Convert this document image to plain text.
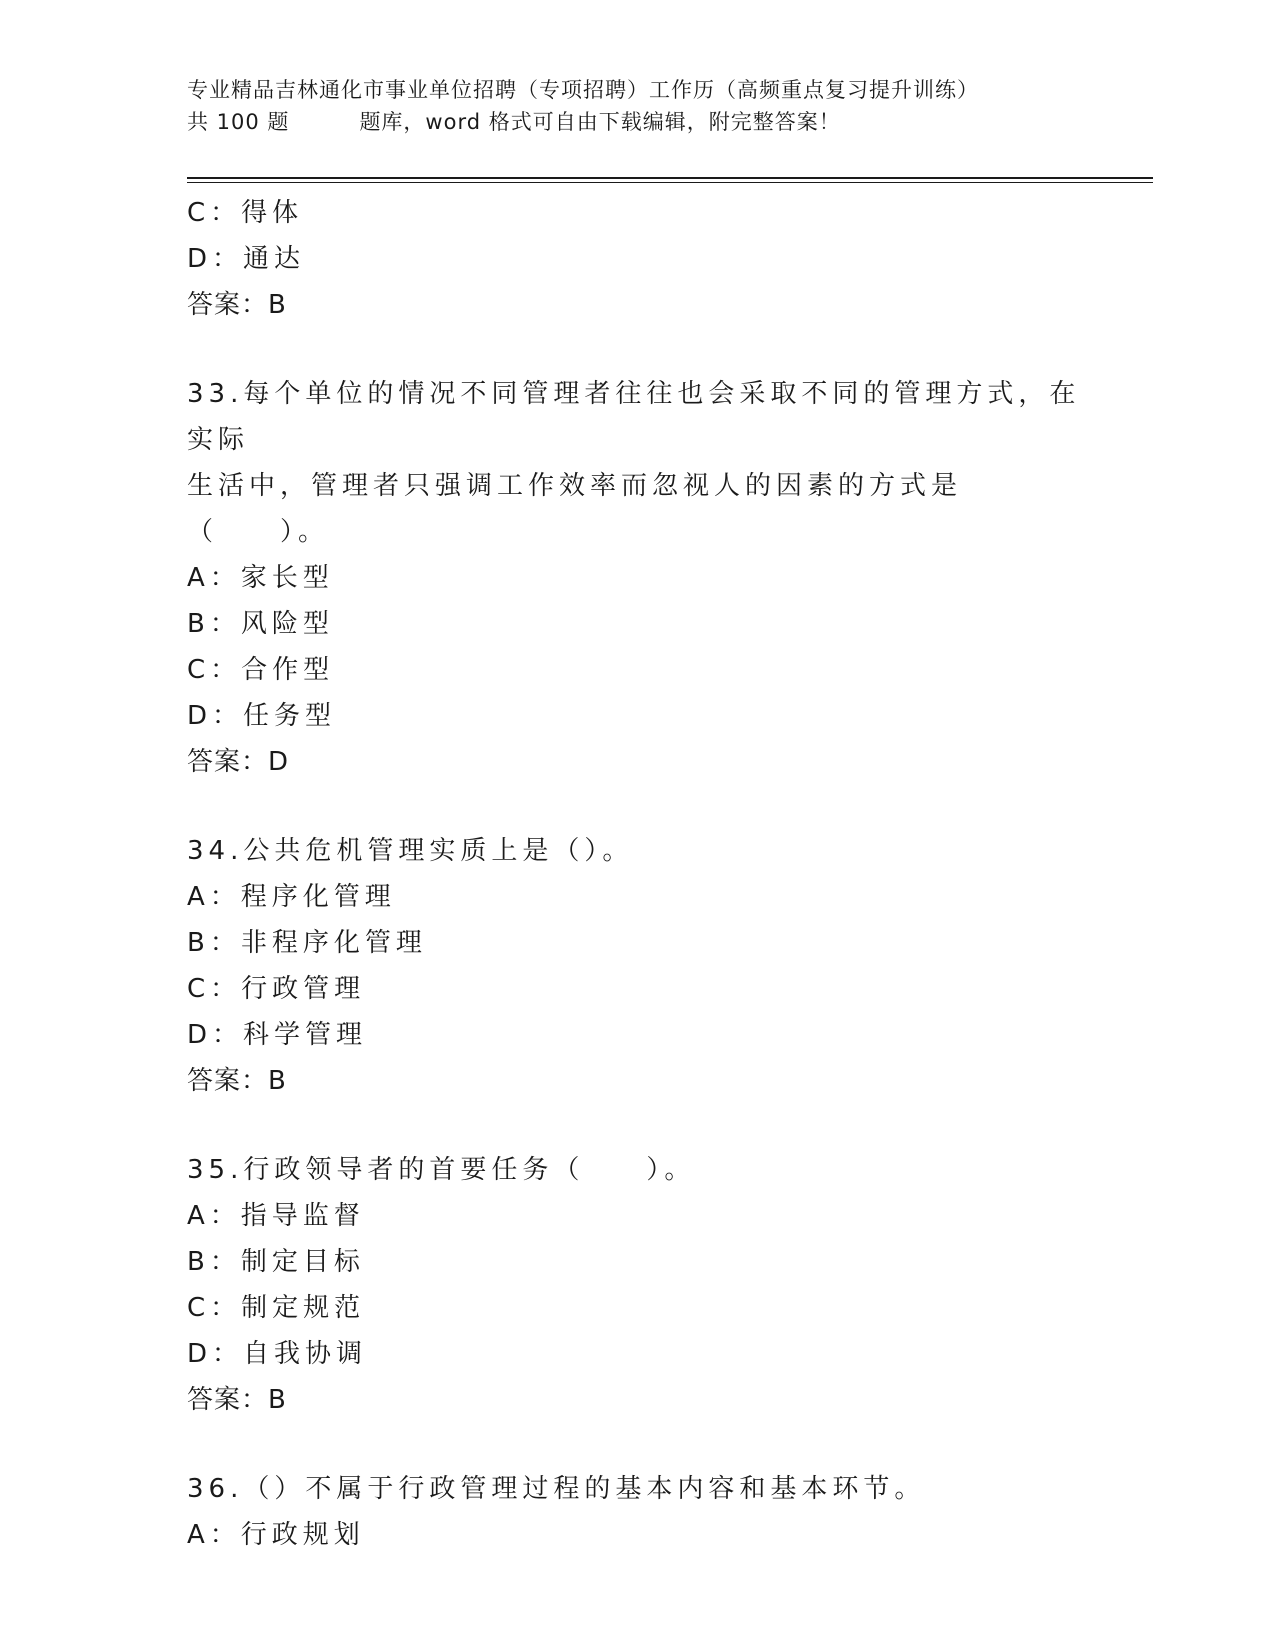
专业精品吉林通化市事业单位招聘（专项招聘）工作历（高频重点复习提升训练）
共 100 题	题库，word 格式可自由下载编辑，附完整答案！
C：得体
D：通达
答案：B
33.每个单位的情况不同管理者往往也会采取不同的管理方式，在实际
生活中，管理者只强调工作效率而忽视人的因素的方式是（　　）。
A：家长型
B：风险型
C：合作型
D：任务型
答案：D
34.公共危机管理实质上是（）。
A：程序化管理
B：非程序化管理
C：行政管理
D：科学管理
答案：B
35.行政领导者的首要任务（　　）。
A：指导监督
B：制定目标
C：制定规范
D：自我协调
答案：B
36.（）不属于行政管理过程的基本内容和基本环节。
A：行政规划
